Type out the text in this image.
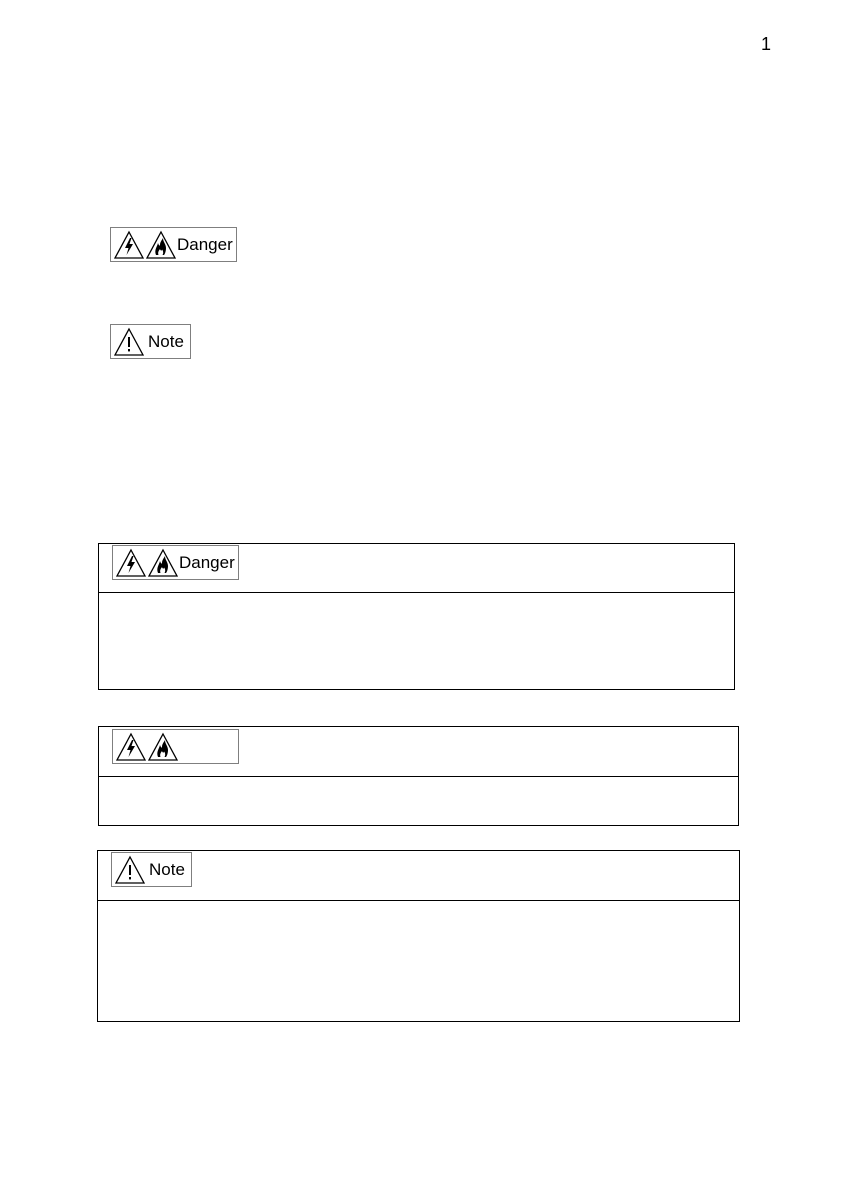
1
Danger
Note
Danger
Note
